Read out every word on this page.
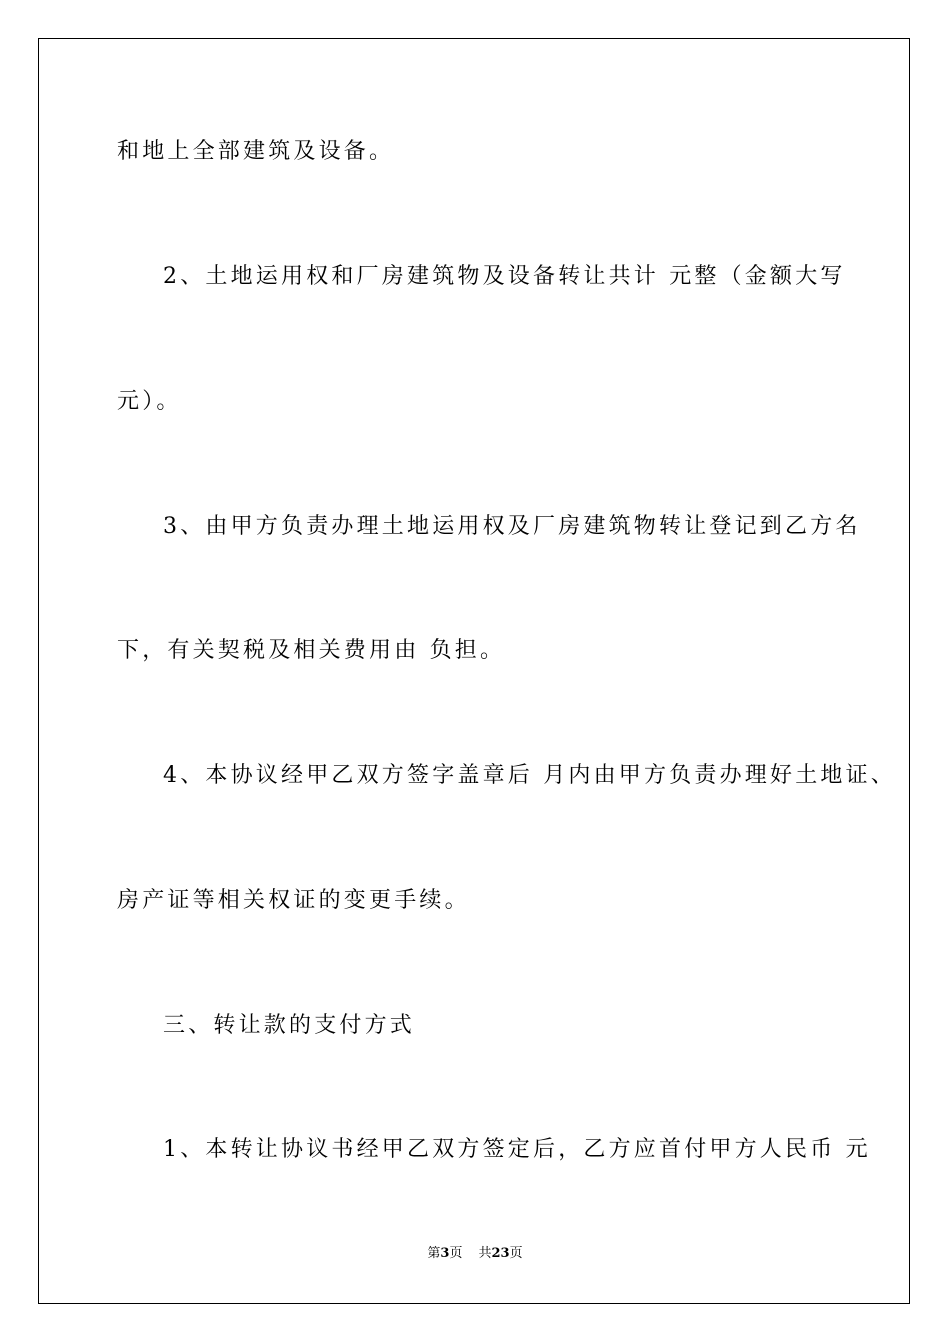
和地上全部建筑及设备。
2、土地运用权和厂房建筑物及设备转让共计 元整（金额大写
元）。
3、由甲方负责办理土地运用权及厂房建筑物转让登记到乙方名
下，有关契税及相关费用由 负担。
4、本协议经甲乙双方签字盖章后 月内由甲方负责办理好土地证、
房产证等相关权证的变更手续。
三、转让款的支付方式
1、本转让协议书经甲乙双方签定后，乙方应首付甲方人民币 元
第3页 共23页
